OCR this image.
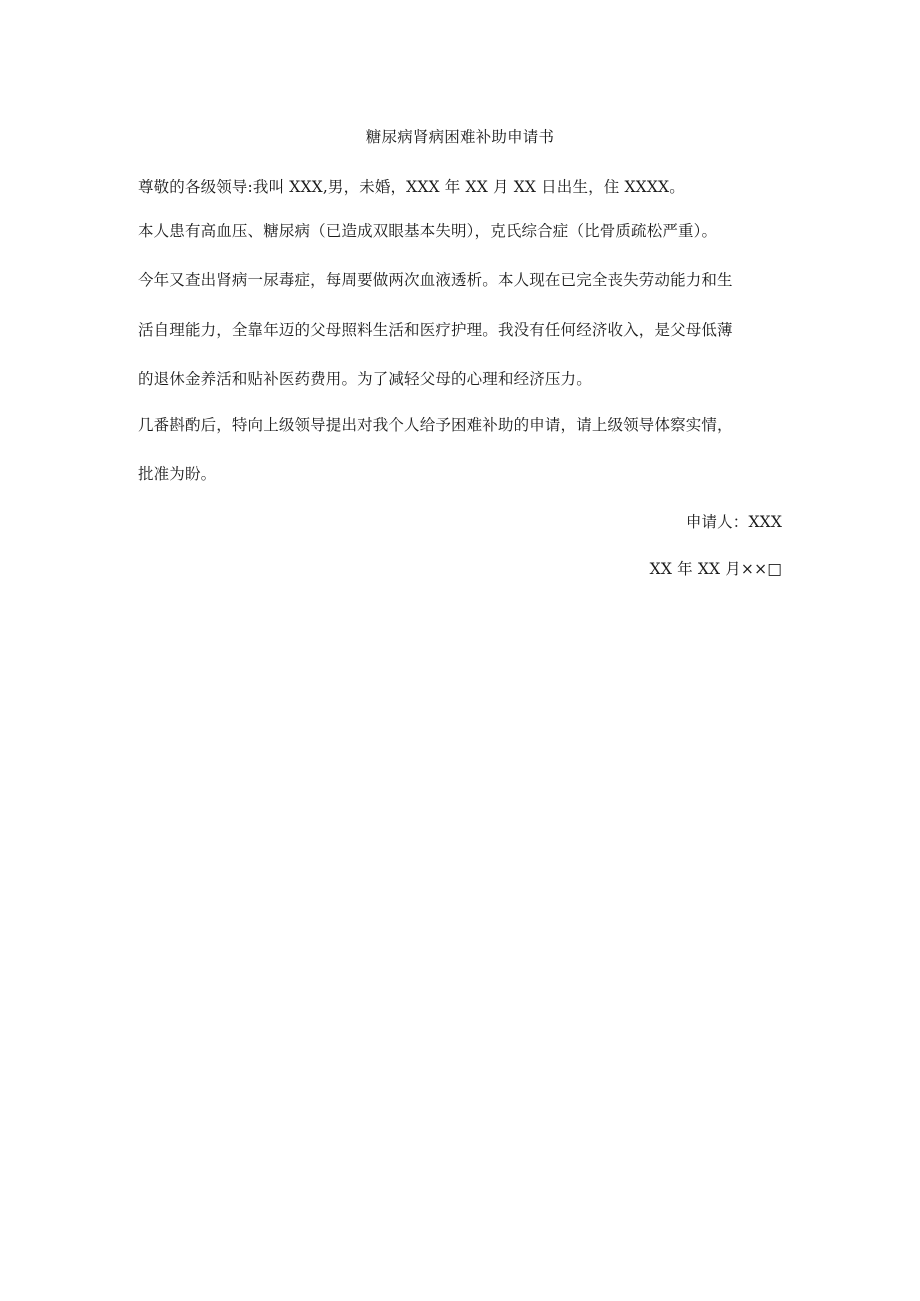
糖尿病肾病困难补助申请书
尊敬的各级领导:我叫 XXX,男，未婚，XXX 年 XX 月 XX 日出生，住 XXXX。
本人患有高血压、糖尿病（已造成双眼基本失明），克氏综合症（比骨质疏松严重）。
今年又查出肾病一尿毒症，每周要做两次血液透析。本人现在已完全丧失劳动能力和生
活自理能力，全靠年迈的父母照料生活和医疗护理。我没有任何经济收入，是父母低薄
的退休金养活和贴补医药费用。为了减轻父母的心理和经济压力。
几番斟酌后，特向上级领导提出对我个人给予困难补助的申请，请上级领导体察实情，
批准为盼。
申请人：XXX
XX 年 XX 月××□
